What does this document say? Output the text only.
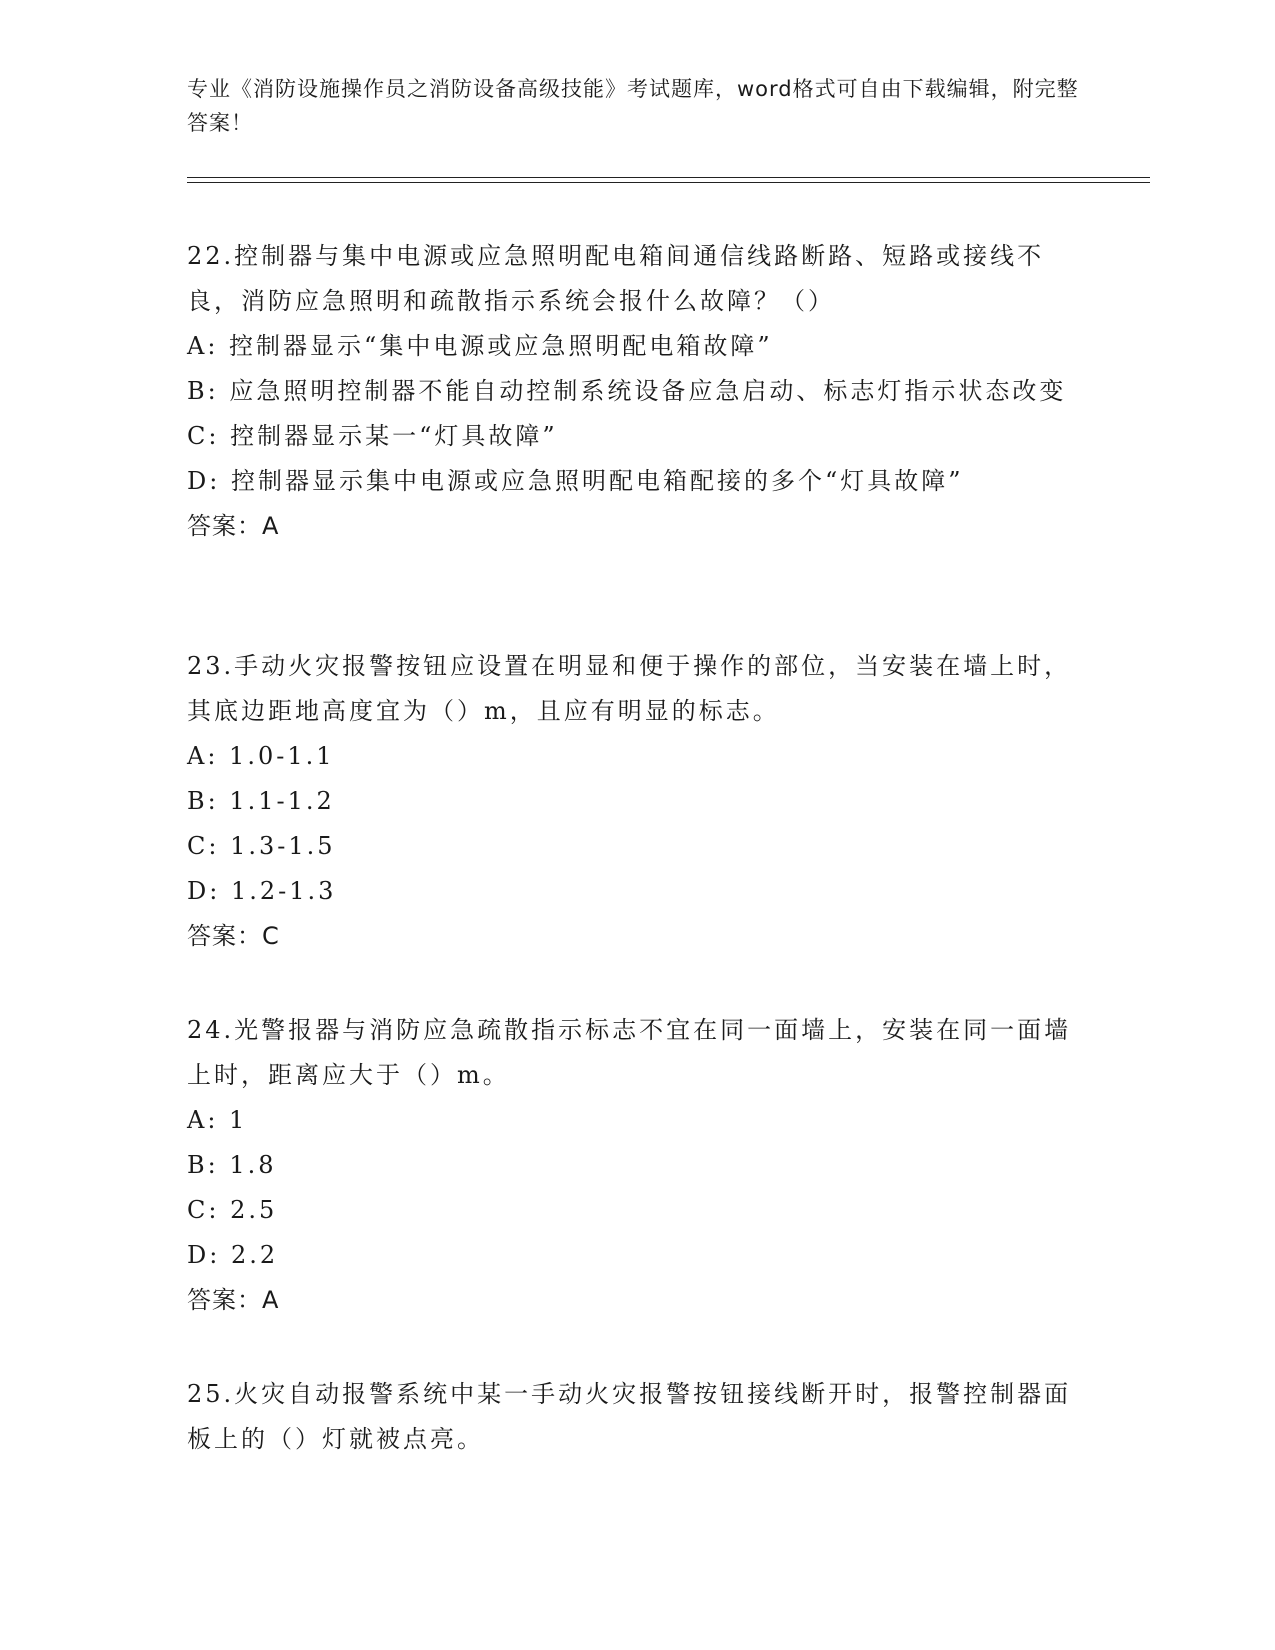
专业《消防设施操作员之消防设备高级技能》考试题库，word格式可自由下载编辑，附完整答案！

22.控制器与集中电源或应急照明配电箱间通信线路断路、短路或接线不良，消防应急照明和疏散指示系统会报什么故障？（）

A: 控制器显示“集中电源或应急照明配电箱故障”

B: 应急照明控制器不能自动控制系统设备应急启动、标志灯指示状态改变

C: 控制器显示某一“灯具故障”

D: 控制器显示集中电源或应急照明配电箱配接的多个“灯具故障”

答案：A

23.手动火灾报警按钮应设置在明显和便于操作的部位，当安装在墙上时，其底边距地高度宜为（）m，且应有明显的标志。

A: 1.0-1.1

B: 1.1-1.2

C: 1.3-1.5

D: 1.2-1.3

答案：C

24.光警报器与消防应急疏散指示标志不宜在同一面墙上，安装在同一面墙上时，距离应大于（）m。

A: 1

B: 1.8

C: 2.5

D: 2.2

答案：A

25.火灾自动报警系统中某一手动火灾报警按钮接线断开时，报警控制器面板上的（）灯就被点亮。
